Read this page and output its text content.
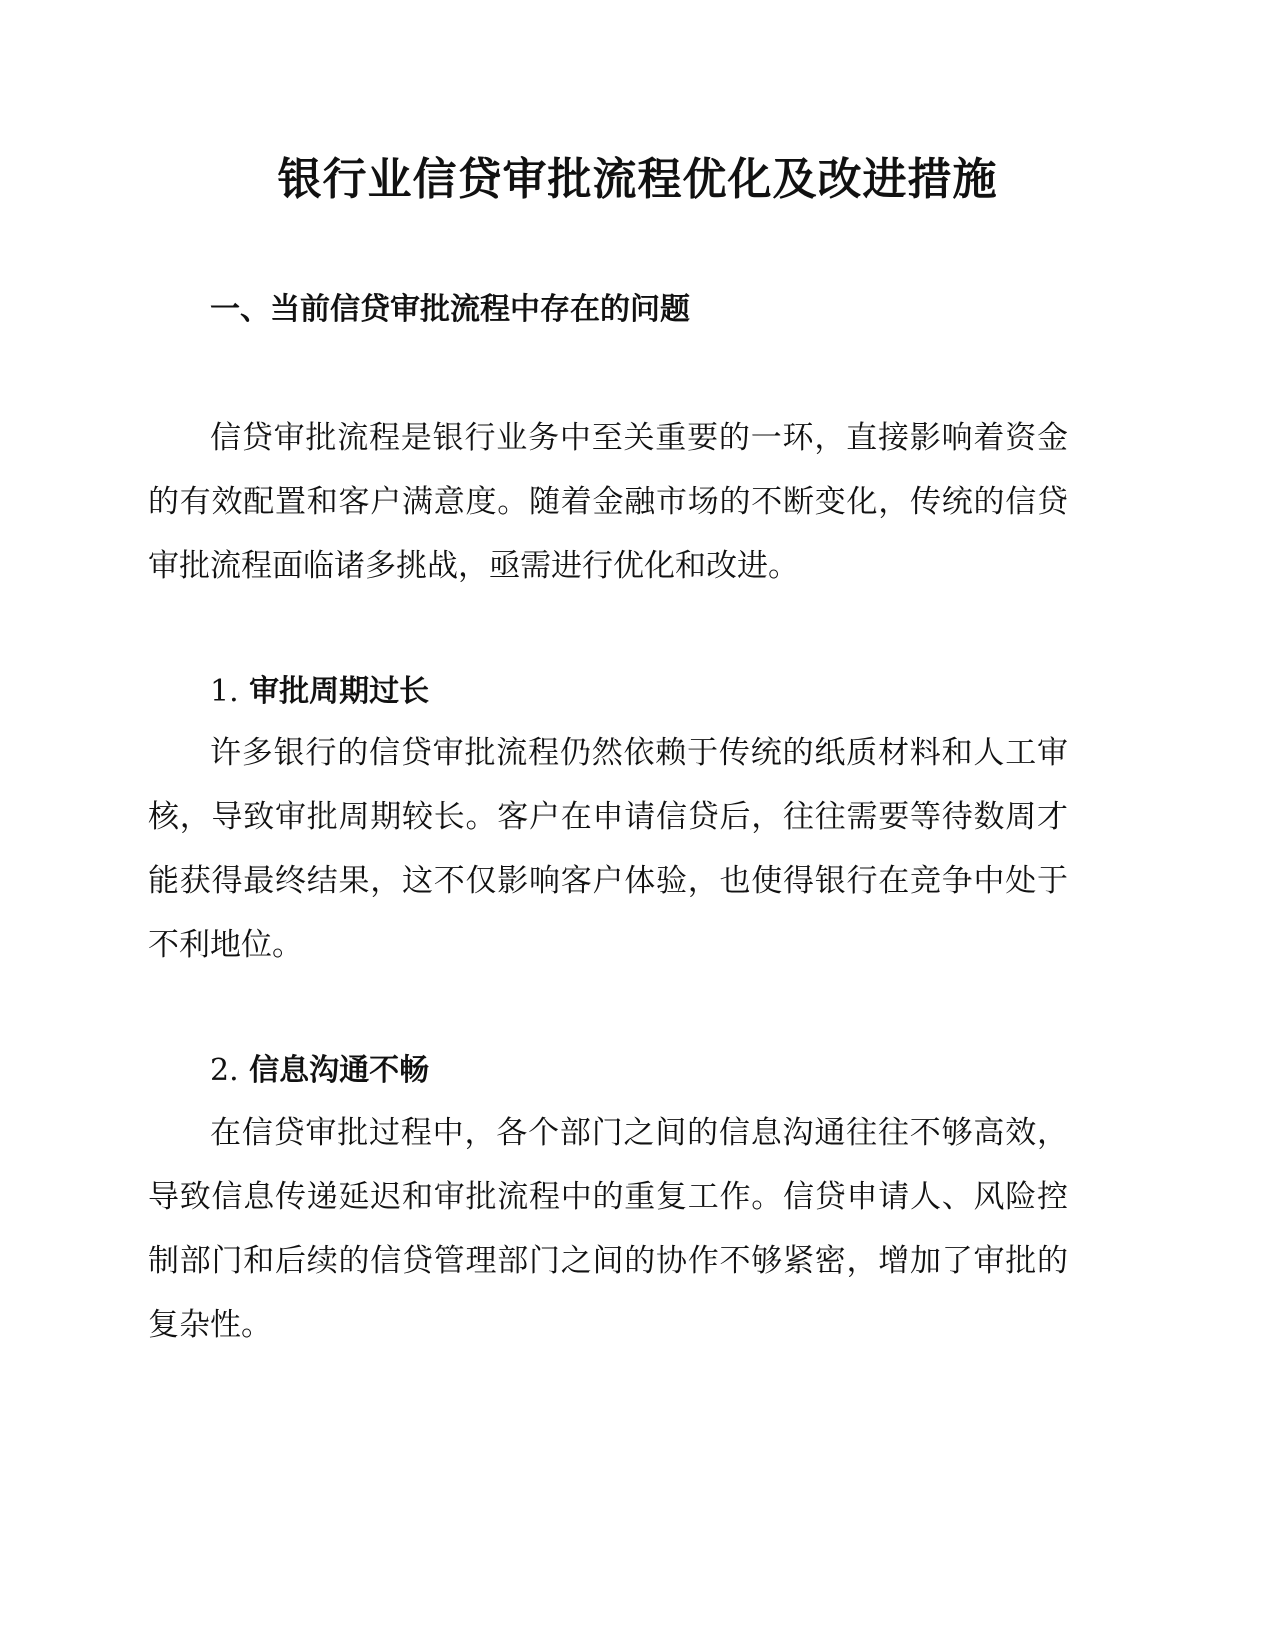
银行业信贷审批流程优化及改进措施
一、当前信贷审批流程中存在的问题

信贷审批流程是银行业务中至关重要的一环，直接影响着资金的有效配置和客户满意度。随着金融市场的不断变化，传统的信贷审批流程面临诸多挑战，亟需进行优化和改进。

1. 审批周期过长

许多银行的信贷审批流程仍然依赖于传统的纸质材料和人工审核，导致审批周期较长。客户在申请信贷后，往往需要等待数周才能获得最终结果，这不仅影响客户体验，也使得银行在竞争中处于不利地位。

2. 信息沟通不畅

在信贷审批过程中，各个部门之间的信息沟通往往不够高效，导致信息传递延迟和审批流程中的重复工作。信贷申请人、风险控制部门和后续的信贷管理部门之间的协作不够紧密，增加了审批的复杂性。
